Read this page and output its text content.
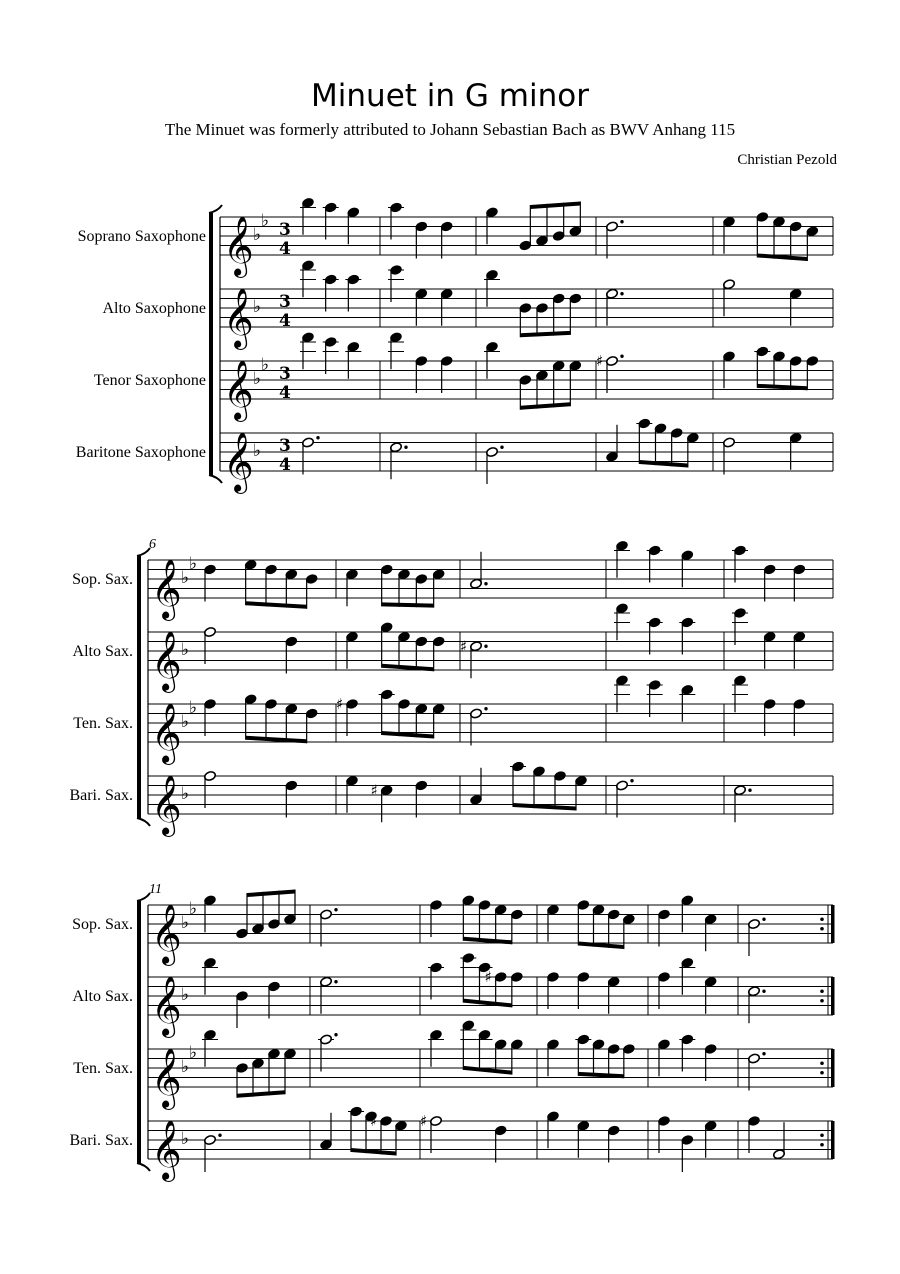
Minuet in G minor
The Minuet was formerly attributed to Johann Sebastian Bach as BWV Anhang 115
Christian Pezold
Soprano Saxophone 𝄞 ♭
♭ 3
4
Alto Saxophone 𝄞 ♭ 3
4
Tenor Saxophone 𝄞 ♭
♭ 3
4
♯
Baritone Saxophone 𝄞 ♭ 3
4
6
Sop. Sax. 𝄞 ♭
♭
Alto Sax. 𝄞 ♭	♯
Ten. Sax. 𝄞 ♭
♭	♯
Bari. Sax. 𝄞 ♭	♯
11
Sop. Sax. 𝄞 ♭
♭
Alto Sax. 𝄞 ♭
♯
Ten. Sax. 𝄞 ♭
♭
Bari. Sax. 𝄞 ♭
♯	♯
